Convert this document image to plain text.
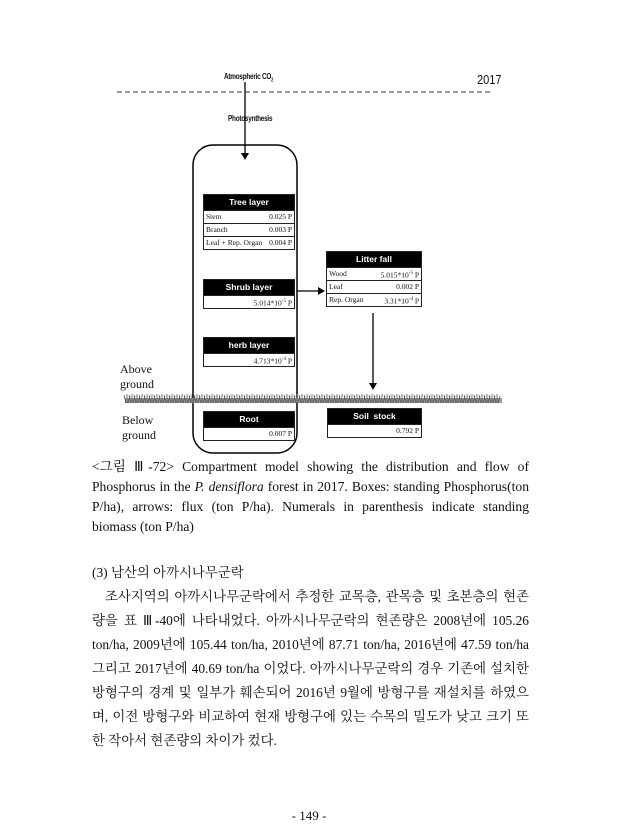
Atmospheric $CO_2$	2017
Photosynthesis
Tree layer
Stem	0.025 P
Branch	0.003 P
Leaf + Rep. Organ 0.004 P
Shrub layer
$5.014*10^{-5}$ P
herb layer
$4.713*10^{-4}$ P
Litter fall
Wood	$5.015*10^{-5}$ P
Leaf	0.002 P
Rep. Organ	$3.31*10^{-4}$ P
Root
0.007 P
Soil  stock
0.792 P
Above
ground
Below
ground
<그림 Ⅲ-72> Compartment model showing the distribution and flow of Phosphorus in the P. densiflora forest in 2017. Boxes: standing Phosphorus(ton P/ha), arrows: flux (ton P/ha). Numerals in parenthesis indicate standing biomass (ton P/ha)
(3) 남산의 아까시나무군락
조사지역의 아까시나무군락에서 추정한 교목층, 관목층 및 초본층의 현존량을 표 Ⅲ-40에 나타내었다. 아까시나무군락의 현존량은 2008년에 105.26 ton/ha, 2009년에 105.44 ton/ha, 2010년에 87.71 ton/ha, 2016년에 47.59 ton/ha그리고 2017년에 40.69 ton/ha 이었다. 아까시나무군락의 경우 기존에 설치한 방형구의 경계 및 일부가 훼손되어 2016년 9월에 방형구를 재설치를 하였으며, 이전 방형구와 비교하여 현재 방형구에 있는 수목의 밀도가 낮고 크기 또한 작아서 현존량의 차이가 컸다.
- 149 -
